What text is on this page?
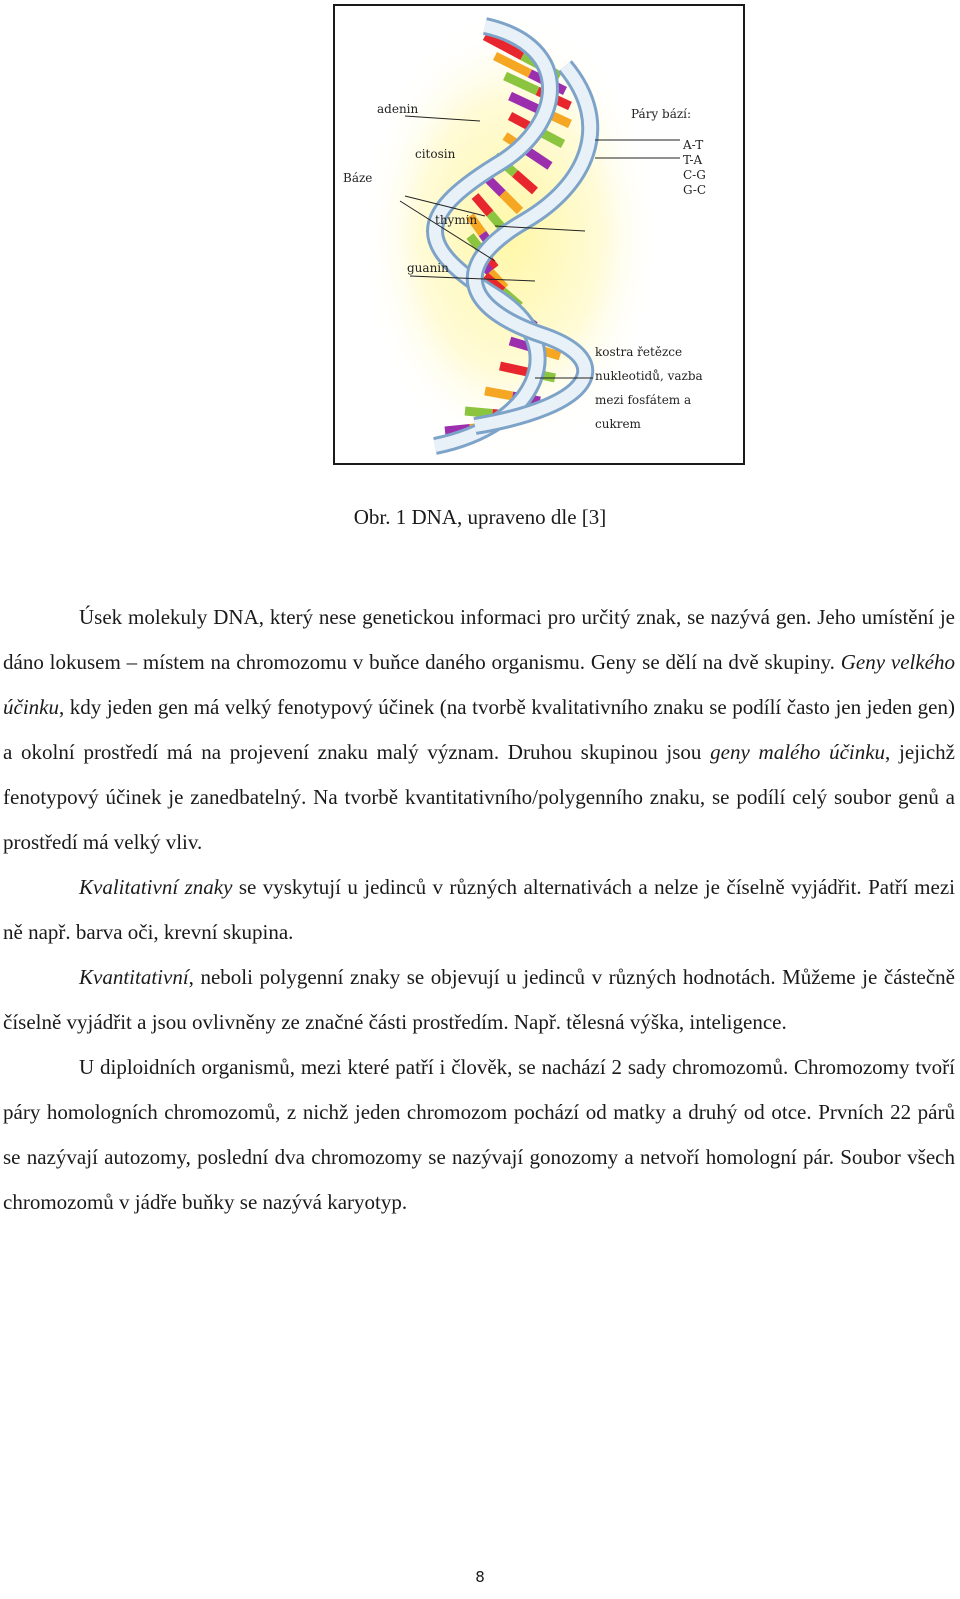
adenin
citosin
Báze
thymin
guanin
Páry bází:
A-T
T-A
C-G
G-C
kostra řetězce
nukleotidů, vazba
mezi fosfátem a
cukrem
Obr. 1 DNA, upraveno dle [3]

Úsek molekuly DNA, který nese genetickou informaci pro určitý znak, se nazývá gen. Jeho umístění je dáno lokusem – místem na chromozomu v buňce daného organismu. Geny se dělí na dvě skupiny. Geny velkého účinku, kdy jeden gen má velký fenotypový účinek (na tvorbě kvalitativního znaku se podílí často jen jeden gen) a okolní prostředí má na projevení znaku malý význam. Druhou skupinou jsou geny malého účinku, jejichž fenotypový účinek je zanedbatelný. Na tvorbě kvantitativního/polygenního znaku, se podílí celý soubor genů a prostředí má velký vliv.

Kvalitativní znaky se vyskytují u jedinců v různých alternativách a nelze je číselně vyjádřit. Patří mezi ně např. barva oči, krevní skupina.

Kvantitativní, neboli polygenní znaky se objevují u jedinců v různých hodnotách. Můžeme je částečně číselně vyjádřit a jsou ovlivněny ze značné části prostředím. Např. tělesná výška, inteligence.

U diploidních organismů, mezi které patří i člověk, se nachází 2 sady chromozomů. Chromozomy tvoří páry homologních chromozomů, z nichž jeden chromozom pochází od matky a druhý od otce. Prvních 22 párů se nazývají autozomy, poslední dva chromozomy se nazývají gonozomy a netvoří homologní pár. Soubor všech chromozomů v jádře buňky se nazývá karyotyp.

8
